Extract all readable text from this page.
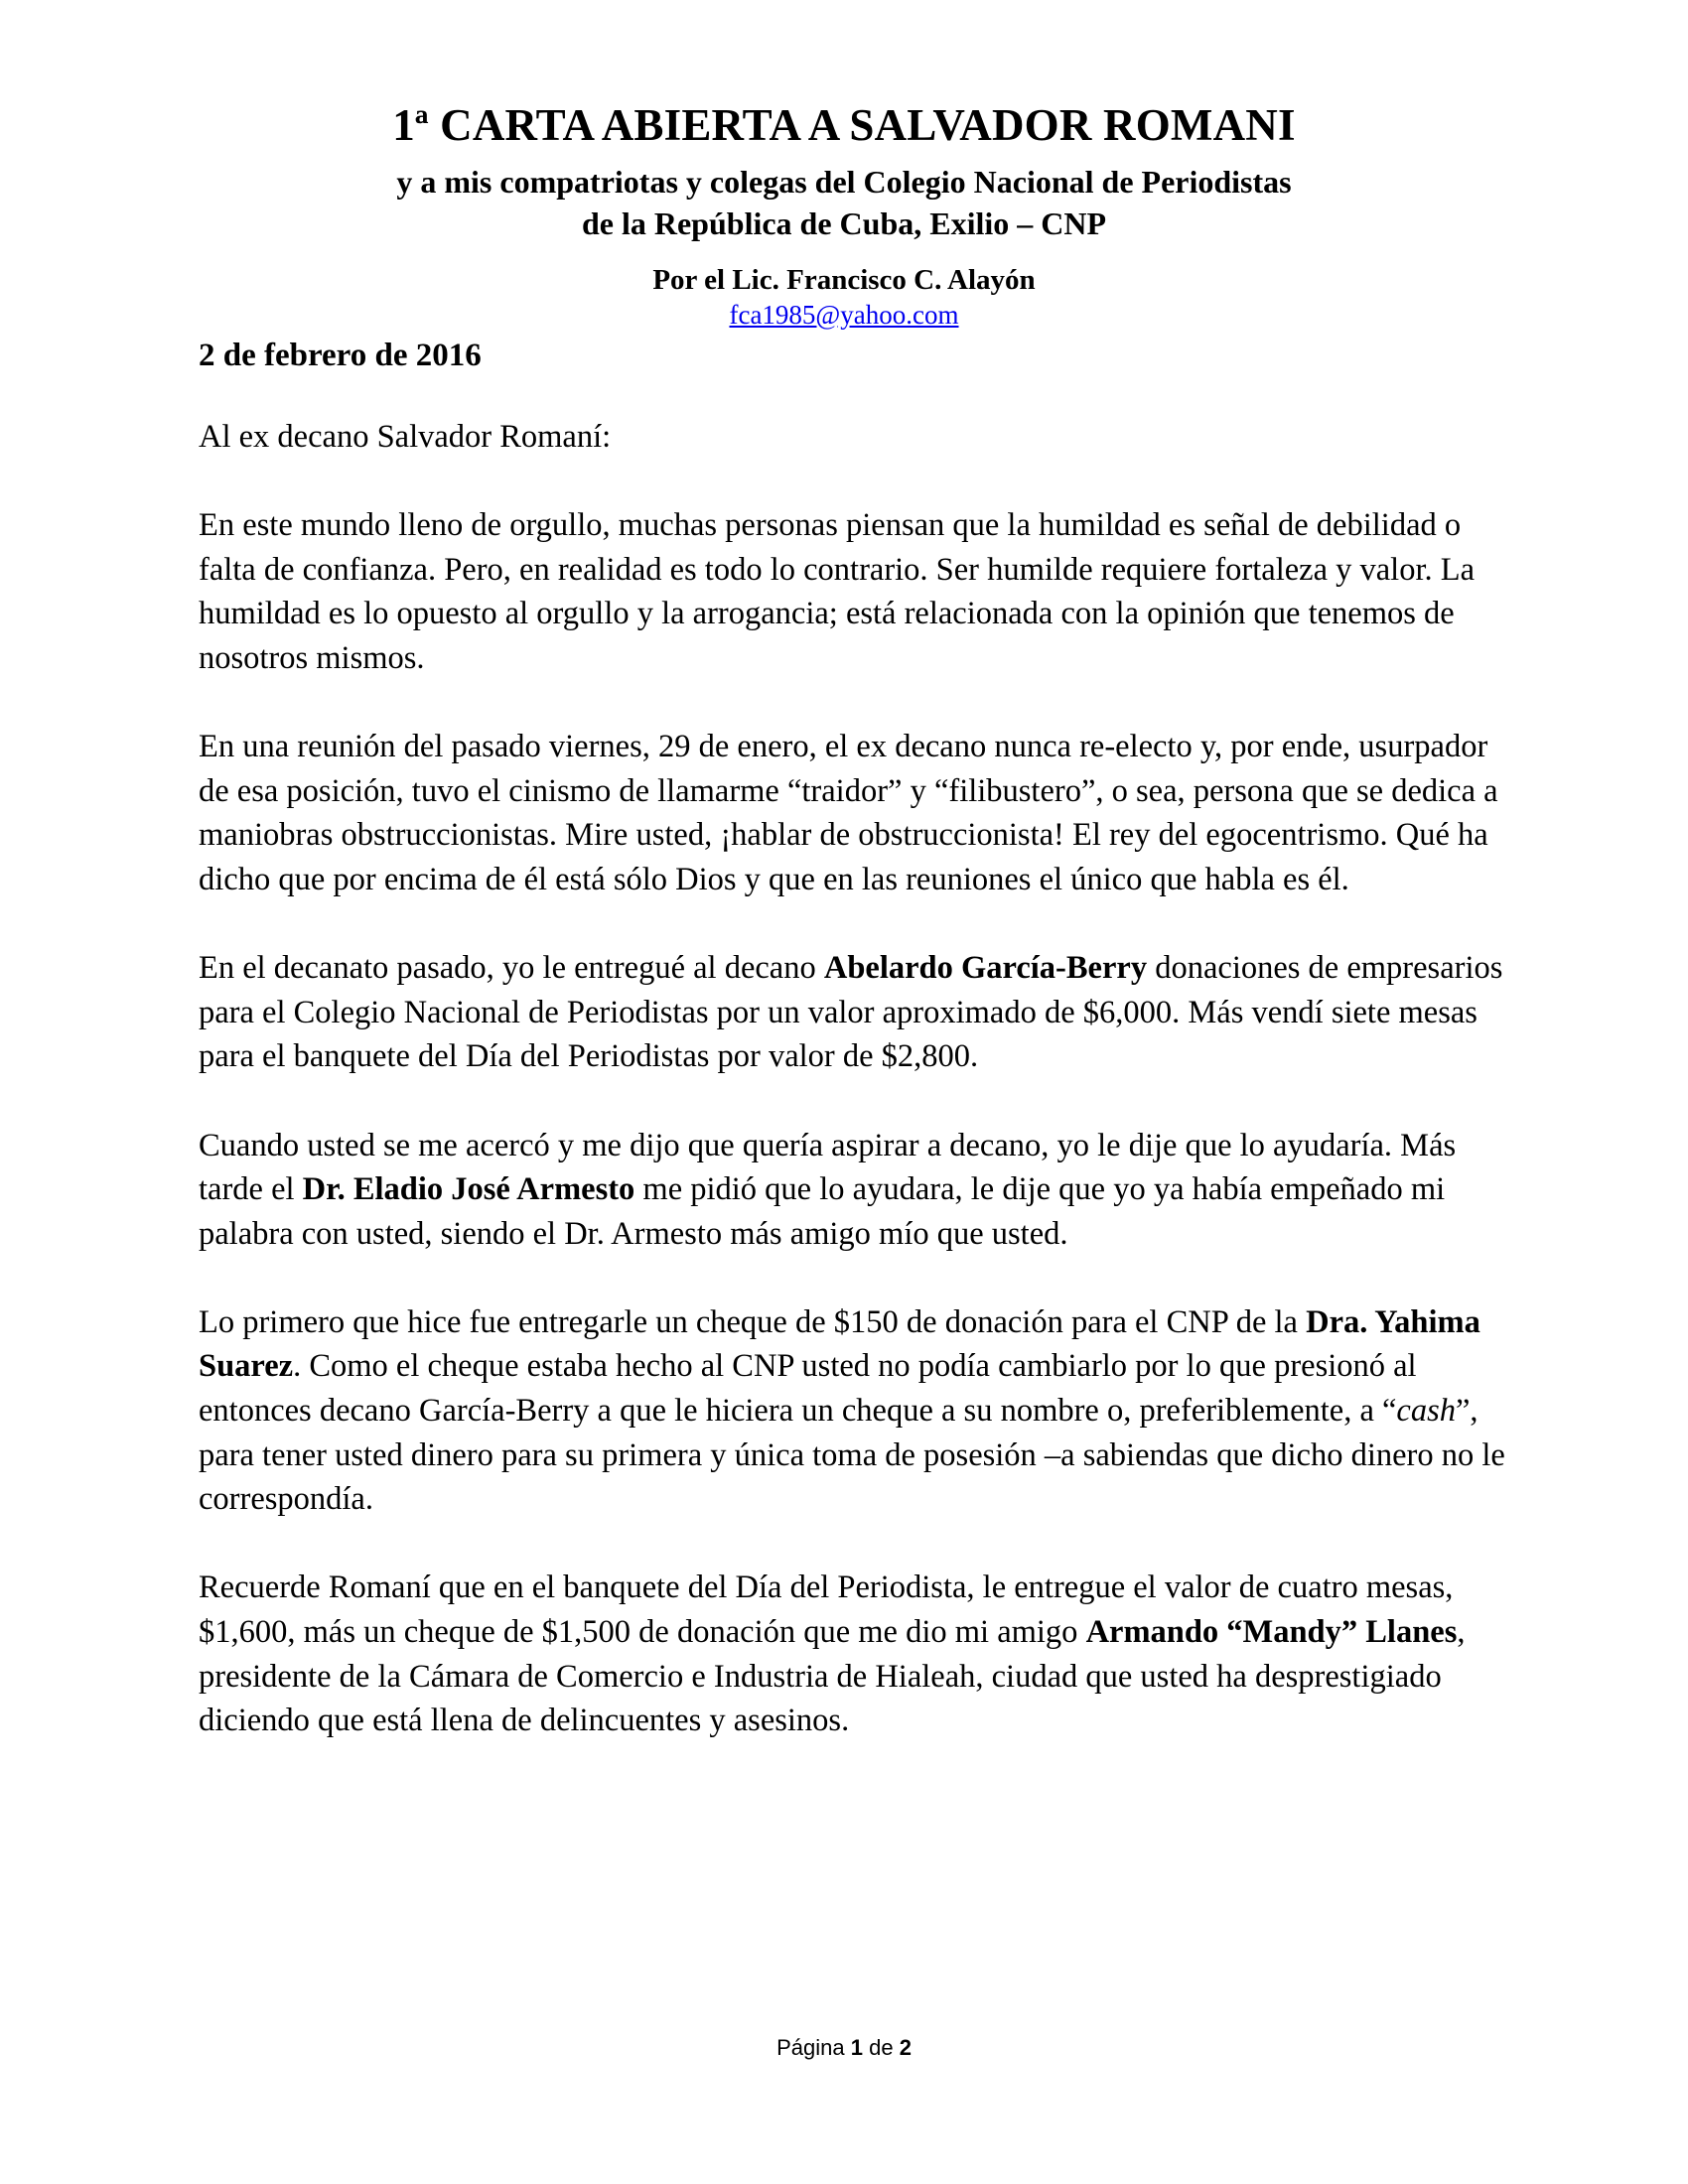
1ª CARTA ABIERTA A SALVADOR ROMANI
y a mis compatriotas y colegas del Colegio Nacional de Periodistas
de la República de Cuba, Exilio – CNP
Por el Lic. Francisco C. Alayón
fca1985@yahoo.com
2 de febrero de 2016

Al ex decano Salvador Romaní:

En este mundo lleno de orgullo, muchas personas piensan que la humildad es señal de debilidad o falta de confianza. Pero, en realidad es todo lo contrario. Ser humilde requiere fortaleza y valor. La humildad es lo opuesto al orgullo y la arrogancia; está relacionada con la opinión que tenemos de nosotros mismos.

En una reunión del pasado viernes, 29 de enero, el ex decano nunca re-electo y, por ende, usurpador de esa posición, tuvo el cinismo de llamarme “traidor” y “filibustero”, o sea, persona que se dedica a maniobras obstruccionistas. Mire usted, ¡hablar de obstruccionista! El rey del egocentrismo. Qué ha dicho que por encima de él está sólo Dios y que en las reuniones el único que habla es él.

En el decanato pasado, yo le entregué al decano Abelardo García-Berry donaciones de empresarios para el Colegio Nacional de Periodistas por un valor aproximado de $6,000. Más vendí siete mesas para el banquete del Día del Periodistas por valor de $2,800.

Cuando usted se me acercó y me dijo que quería aspirar a decano, yo le dije que lo ayudaría. Más tarde el Dr. Eladio José Armesto me pidió que lo ayudara, le dije que yo ya había empeñado mi palabra con usted, siendo el Dr. Armesto más amigo mío que usted.

Lo primero que hice fue entregarle un cheque de $150 de donación para el CNP de la Dra. Yahima Suarez. Como el cheque estaba hecho al CNP usted no podía cambiarlo por lo que presionó al entonces decano García-Berry a que le hiciera un cheque a su nombre o, preferiblemente, a “cash”, para tener usted dinero para su primera y única toma de posesión –a sabiendas que dicho dinero no le correspondía.

Recuerde Romaní que en el banquete del Día del Periodista, le entregue el valor de cuatro mesas, $1,600, más un cheque de $1,500 de donación que me dio mi amigo Armando “Mandy” Llanes, presidente de la Cámara de Comercio e Industria de Hialeah, ciudad que usted ha desprestigiado diciendo que está llena de delincuentes y asesinos.

Página 1 de 2
